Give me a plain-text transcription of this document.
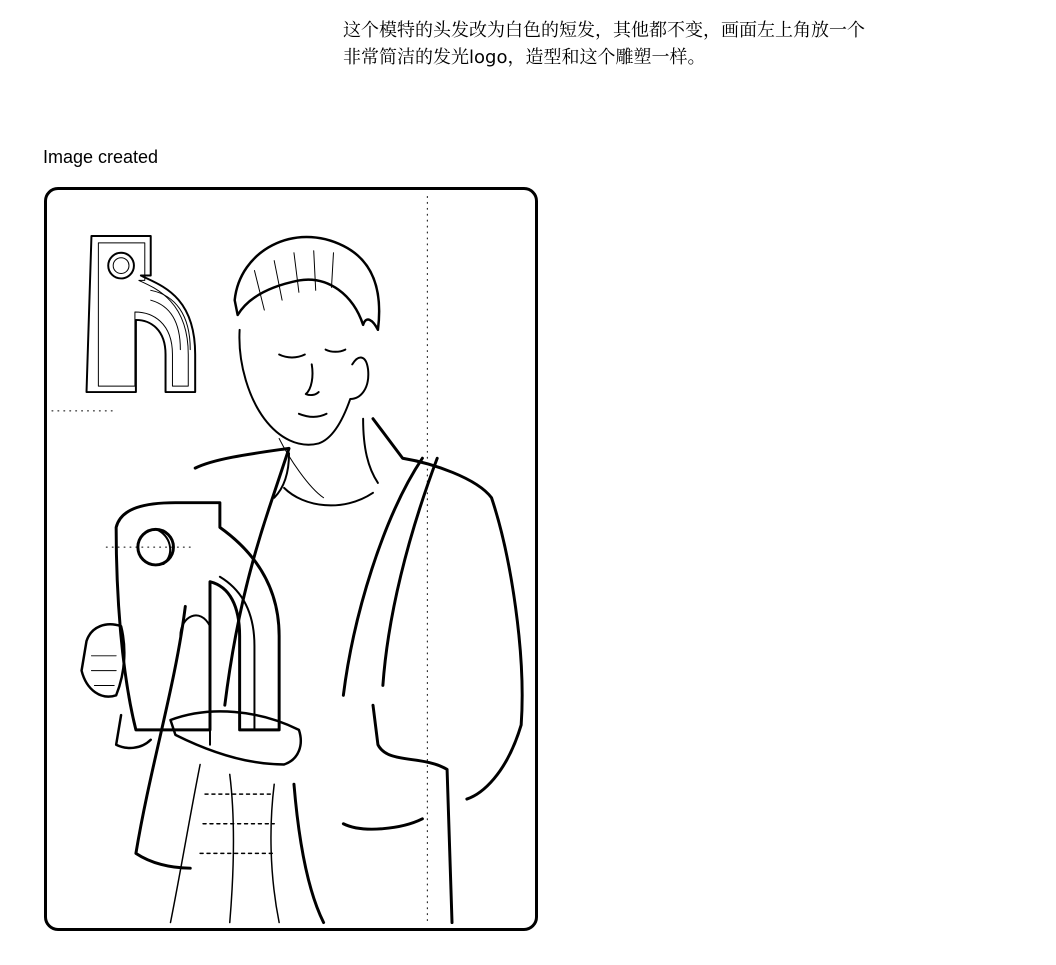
这个模特的头发改为白色的短发，其他都不变，画面左上角放一个
非常简洁的发光logo，造型和这个雕塑一样。
Image created
